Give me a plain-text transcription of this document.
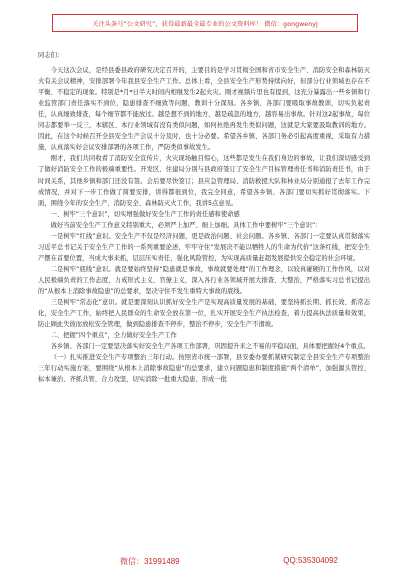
关注头条号“公文研究”，获得最新最全最专业的公文资料库！ 微信：gongwenyj

同志们：

今天这次会议，是经县委县政府研究决定召开的，主要目的是学习贯彻全国和省市安全生产、消防安全和森林防灭火有关会议精神，安排部署今年我县安全生产工作。总体上看，全县安全生产形势持续向好，但部分行业领域也存在不平衡、不稳定的现象。特别是*月*日半天时间内相继发生2起火灾。刚才视频片里也有提到，这充分暴露出一些乡镇和行业监管部门责任落实不到位、隐患排查不细致等问题，教训十分深刻。各乡镇、各部门要吸取事故教训，切实负起责任，认真细致排查，每个细节都不能放过。越是想不到的地方，越是疏忽的地方，越容易出事故。针对这2起事故，每位同志都要举一反三，本辖区、本行业领域有没有类似问题，如何杜绝再发生类似问题，这就是大家要汲取教训的地方。因此，在这个时候召开全县安全生产会议十分及时，也十分必要。希望各乡镇、各部门务必引起高度重视，采取有力措施，认真落实好会议安排部署的各项工作，严防类似事故发生。

刚才，我们共同收看了消防安全宣传片，火灾现场触目惊心，这些都是发生在我们身边的事故，让我们深切感受到了做好消防安全工作的极端重要性。开发区、住建局分别与县政府签订了安全生产目标管理责任书和消防责任书，由于时间关系，其他乡镇和部门还没有签。会后要尽快签订；县应急管理局、消防救援大队和林业局分别通报了去年工作完成情况，并对下一步工作做了简要安排，讲得都很到位，我完全同意，希望各乡镇、各部门要切实抓好贯彻落实。下面，围绕今年的安全生产、消防安全、森林防灭火工作，我讲5点意见。

一、树牢“三个意识”，切实增强做好安全生产工作的责任感和使命感

做好当前安全生产工作意义特别重大，必须严上加严、细上加细。具体工作中要树牢“三个意识”：

一是树牢“红线”意识。安全生产不仅是经济问题，更是政治问题、社会问题。各乡镇、各部门一定要认真贯彻落实习近平总书记关于安全生产工作的一系列重要论述，牢牢守住“发展决不能以牺牲人的生命为代价”这条红线，把安全生产摆在首要位置，当成大事来抓，层层压实责任，强化风险管控，为实现高质量赶超发展提供安全稳定的社会环境。

二是树牢“底线”意识。就是要始终坚持“隐患就是事故，事故就要处理”的工作理念，以较真碰硬的工作作风，以对人民极端负责的工作态度，力戒形式主义、官僚主义，深入各行业各领域开展大排查、大整治，严格落实习总书记提出的“从根本上消除事故隐患”的总要求，坚决守住不发生重特大事故的底线。

三是树牢“常态化”意识。就是要深刻认识抓好安全生产是实现高质量发展的基础，要坚持抓长期、抓长效、抓常态化，安全生产工作，始终把人民群众的生命安全放在第一位，扎实开展安全生产执法检查，着力提高执法质量和效果，防止顾此失彼而放松安全管理，做到隐患排查不停步，整治不停步，安全生产不滑坡。

二、把握“四个重点”，全力做好安全生产工作

各乡镇、各部门一定要坚决落实好安全生产各项工作部署，巩固提升来之不易的平稳局面，具体要把握好4个重点。

（一）扎实推进安全生产专项整治三年行动。按照省市统一部署，县安委办要抓紧研究制定全县安全生产专项整治三年行动实施方案，要围绕“从根本上消除事故隐患”的总要求，建立问题隐患和制度措施“两个清单”，加强源头管控、标本兼治、齐抓共管、合力攻坚，切实消除一批重大隐患、形成一批

微信：31991489	QQ:535304092
